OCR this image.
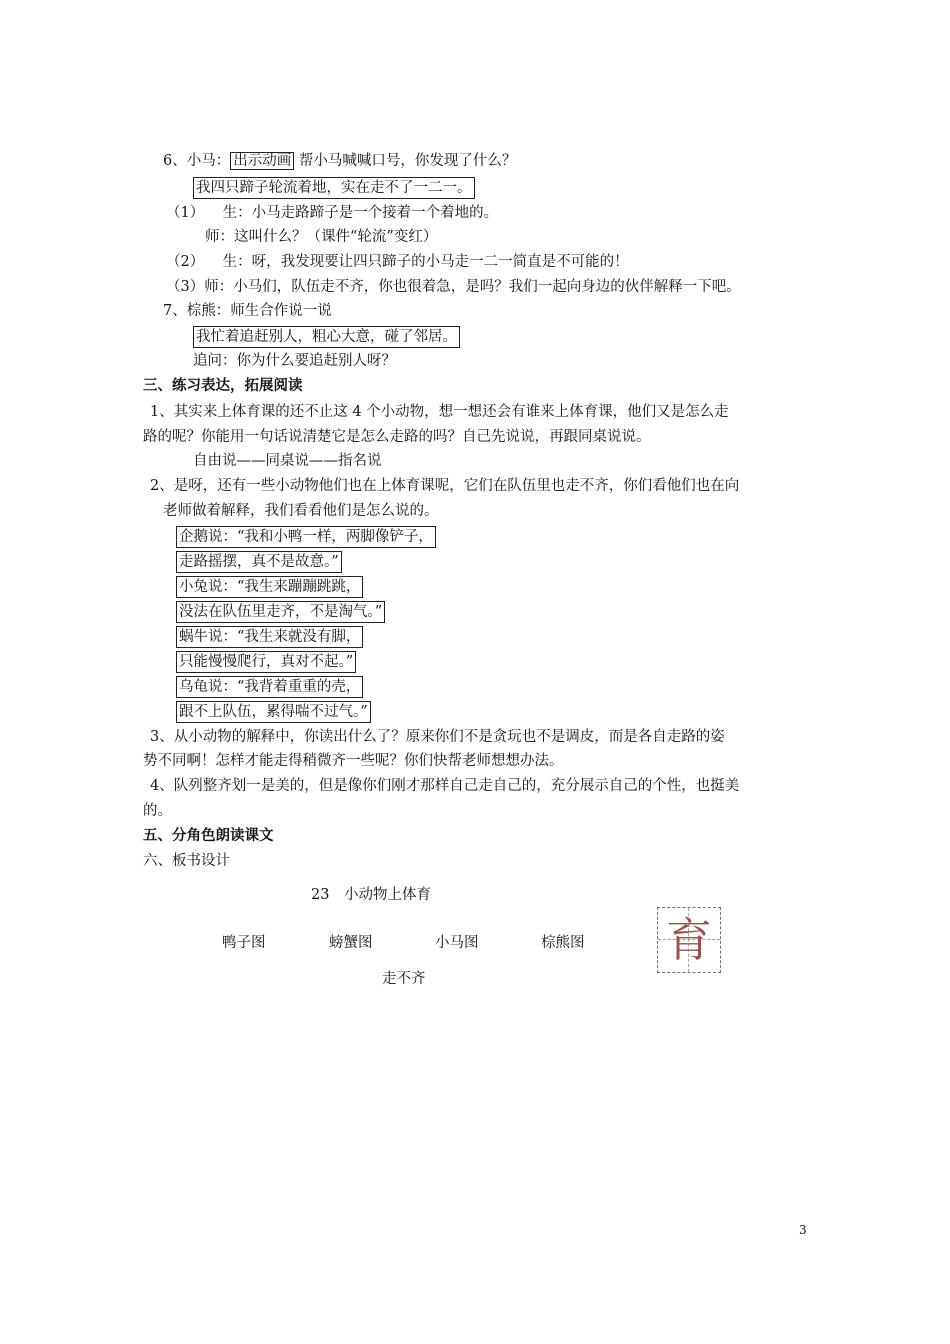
6、小马： 出示动画 帮小马喊喊口号，你发现了什么？
我四只蹄子轮流着地，实在走不了一二一。
（1） 生：小马走路蹄子是一个接着一个着地的。
师：这叫什么？（课件“轮流”变红）
（2） 生：呀，我发现要让四只蹄子的小马走一二一简直是不可能的！
（3）师：小马们，队伍走不齐，你也很着急，是吗？我们一起向身边的伙伴解释一下吧。
7、棕熊：师生合作说一说
我忙着追赶别人，粗心大意，碰了邻居。
追问：你为什么要追赶别人呀？
三、练习表达，拓展阅读
1、其实来上体育课的还不止这 4 个小动物，想一想还会有谁来上体育课，他们又是怎么走
路的呢？你能用一句话说清楚它是怎么走路的吗？自己先说说，再跟同桌说说。
自由说——同桌说——指名说
2、是呀，还有一些小动物他们也在上体育课呢，它们在队伍里也走不齐，你们看他们也在向
老师做着解释，我们看看他们是怎么说的。
企鹅说：“我和小鸭一样，两脚像铲子，
走路摇摆，真不是故意。”
小兔说：“我生来蹦蹦跳跳，
没法在队伍里走齐，不是淘气。”
蜗牛说：“我生来就没有脚，
只能慢慢爬行，真对不起。”
乌龟说：“我背着重重的壳，
跟不上队伍，累得喘不过气。”
3、从小动物的解释中，你读出什么了？原来你们不是贪玩也不是调皮，而是各自走路的姿
势不同啊！怎样才能走得稍微齐一些呢？你们快帮老师想想办法。
4、队列整齐划一是美的，但是像你们刚才那样自己走自己的，充分展示自己的个性，也挺美
的。
五、分角色朗读课文
六、板书设计
23　小动物上体育
鸭子图	螃蟹图	小马图	棕熊图
走不齐
育
3
